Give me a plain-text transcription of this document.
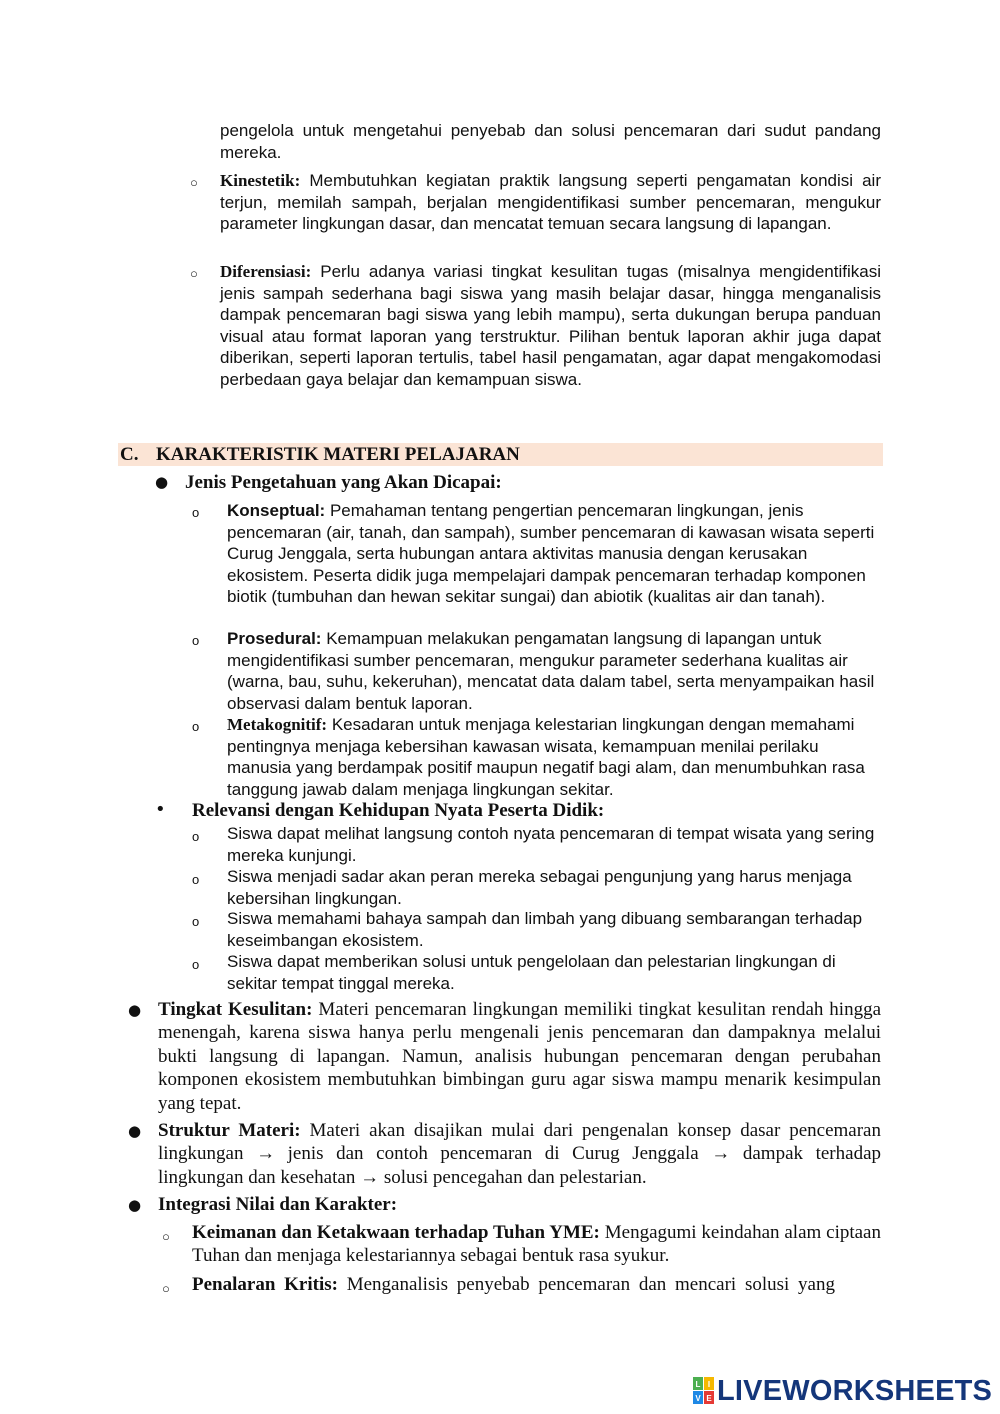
pengelola untuk mengetahui penyebab dan solusi pencemaran dari sudut pandang mereka.
○ Kinestetik: Membutuhkan kegiatan praktik langsung seperti pengamatan kondisi air terjun, memilah sampah, berjalan mengidentifikasi sumber pencemaran, mengukur parameter lingkungan dasar, dan mencatat temuan secara langsung di lapangan.
○ Diferensiasi: Perlu adanya variasi tingkat kesulitan tugas (misalnya mengidentifikasi jenis sampah sederhana bagi siswa yang masih belajar dasar, hingga menganalisis dampak pencemaran bagi siswa yang lebih mampu), serta dukungan berupa panduan visual atau format laporan yang terstruktur. Pilihan bentuk laporan akhir juga dapat diberikan, seperti laporan tertulis, tabel hasil pengamatan, agar dapat mengakomodasi perbedaan gaya belajar dan kemampuan siswa.
C. KARAKTERISTIK MATERI PELAJARAN
● Jenis Pengetahuan yang Akan Dicapai:
o Konseptual: Pemahaman tentang pengertian pencemaran lingkungan, jenis pencemaran (air, tanah, dan sampah), sumber pencemaran di kawasan wisata seperti Curug Jenggala, serta hubungan antara aktivitas manusia dengan kerusakan ekosistem. Peserta didik juga mempelajari dampak pencemaran terhadap komponen biotik (tumbuhan dan hewan sekitar sungai) dan abiotik (kualitas air dan tanah).
o Prosedural: Kemampuan melakukan pengamatan langsung di lapangan untuk mengidentifikasi sumber pencemaran, mengukur parameter sederhana kualitas air (warna, bau, suhu, kekeruhan), mencatat data dalam tabel, serta menyampaikan hasil observasi dalam bentuk laporan.
o Metakognitif: Kesadaran untuk menjaga kelestarian lingkungan dengan memahami pentingnya menjaga kebersihan kawasan wisata, kemampuan menilai perilaku manusia yang berdampak positif maupun negatif bagi alam, dan menumbuhkan rasa tanggung jawab dalam menjaga lingkungan sekitar.
• Relevansi dengan Kehidupan Nyata Peserta Didik:
o Siswa dapat melihat langsung contoh nyata pencemaran di tempat wisata yang sering mereka kunjungi.
o Siswa menjadi sadar akan peran mereka sebagai pengunjung yang harus menjaga kebersihan lingkungan.
o Siswa memahami bahaya sampah dan limbah yang dibuang sembarangan terhadap keseimbangan ekosistem.
o Siswa dapat memberikan solusi untuk pengelolaan dan pelestarian lingkungan di sekitar tempat tinggal mereka.
● Tingkat Kesulitan: Materi pencemaran lingkungan memiliki tingkat kesulitan rendah hingga menengah, karena siswa hanya perlu mengenali jenis pencemaran dan dampaknya melalui bukti langsung di lapangan. Namun, analisis hubungan pencemaran dengan perubahan komponen ekosistem membutuhkan bimbingan guru agar siswa mampu menarik kesimpulan yang tepat.
● Struktur Materi: Materi akan disajikan mulai dari pengenalan konsep dasar pencemaran lingkungan → jenis dan contoh pencemaran di Curug Jenggala → dampak terhadap lingkungan dan kesehatan → solusi pencegahan dan pelestarian.
● Integrasi Nilai dan Karakter:
○ Keimanan dan Ketakwaan terhadap Tuhan YME: Mengagumi keindahan alam ciptaan Tuhan dan menjaga kelestariannya sebagai bentuk rasa syukur.
○ Penalaran Kritis: Menganalisis penyebab pencemaran dan mencari solusi yang
L I
V E LIVEWORKSHEETS
